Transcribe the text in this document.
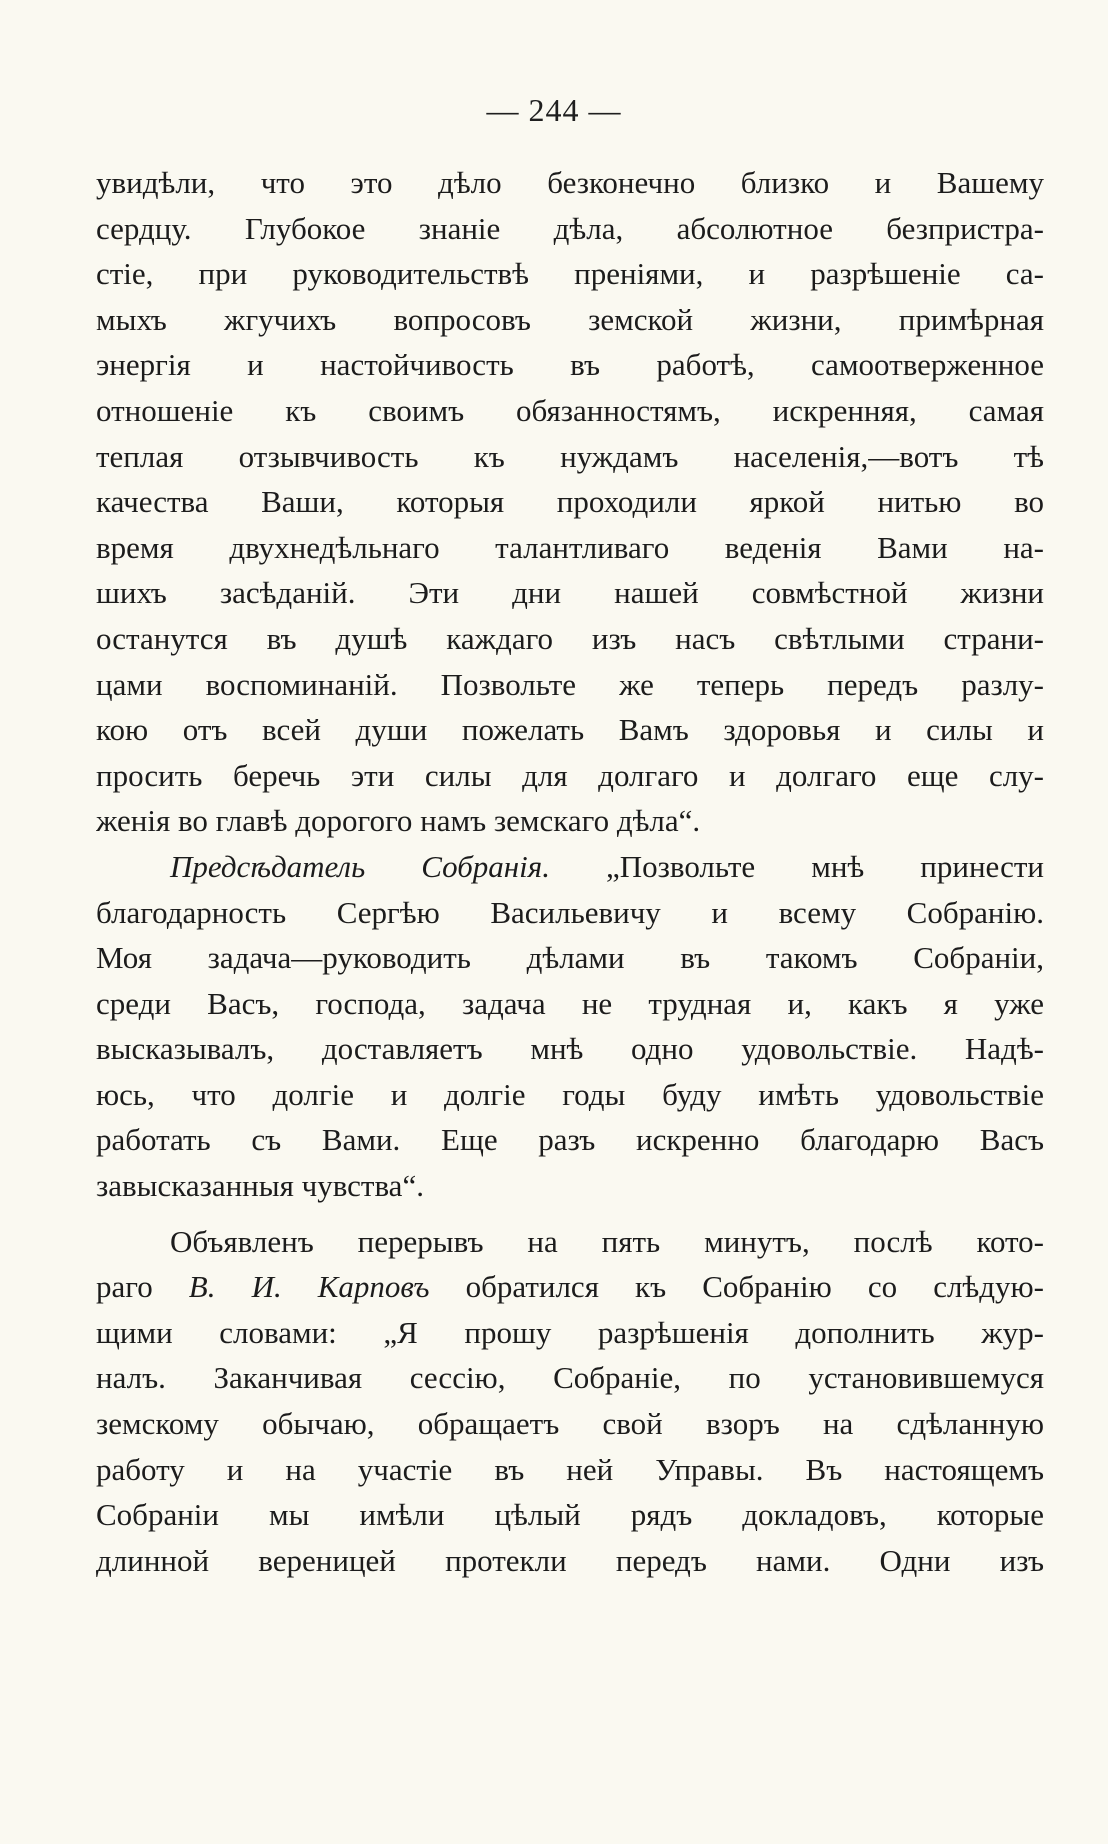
— 244 —
увидѣли, что это дѣло безконечно близко и Вашему
сердцу. Глубокое знаніе дѣла, абсолютное безпристра-
стіе, при руководительствѣ преніями, и разрѣшеніе са-
мыхъ жгучихъ вопросовъ земской жизни, примѣрная
энергія и настойчивость въ работѣ, самоотверженное
отношеніе къ своимъ обязанностямъ, искренняя, самая
теплая отзывчивость къ нуждамъ населенія,—вотъ тѣ
качества Ваши, которыя проходили яркой нитью во
время двухнедѣльнаго талантливаго веденія Вами на-
шихъ засѣданій. Эти дни нашей совмѣстной жизни
останутся въ душѣ каждаго изъ насъ свѣтлыми страни-
цами воспоминаній. Позвольте же теперь передъ разлу-
кою отъ всей души пожелать Вамъ здоровья и силы и
просить беречь эти силы для долгаго и долгаго еще слу-
женія во главѣ дорогого намъ земскаго дѣла“.
Предсѣдатель Собранія. „Позвольте мнѣ принести
благодарность Сергѣю Васильевичу и всему Собранію.
Моя задача—руководить дѣлами въ такомъ Собраніи,
среди Васъ, господа, задача не трудная и, какъ я уже
высказывалъ, доставляетъ мнѣ одно удовольствіе. Надѣ-
юсь, что долгіе и долгіе годы буду имѣть удовольствіе
работать съ Вами. Еще разъ искренно благодарю Васъ
завысказанныя чувства“.
Объявленъ перерывъ на пять минутъ, послѣ кото-
раго В. И. Карповъ обратился къ Собранію со слѣдую-
щими словами: „Я прошу разрѣшенія дополнить жур-
налъ. Заканчивая сессію, Собраніе, по установившемуся
земскому обычаю, обращаетъ свой взоръ на сдѣланную
работу и на участіе въ ней Управы. Въ настоящемъ
Собраніи мы имѣли цѣлый рядъ докладовъ, которые
длинной вереницей протекли передъ нами. Одни изъ
